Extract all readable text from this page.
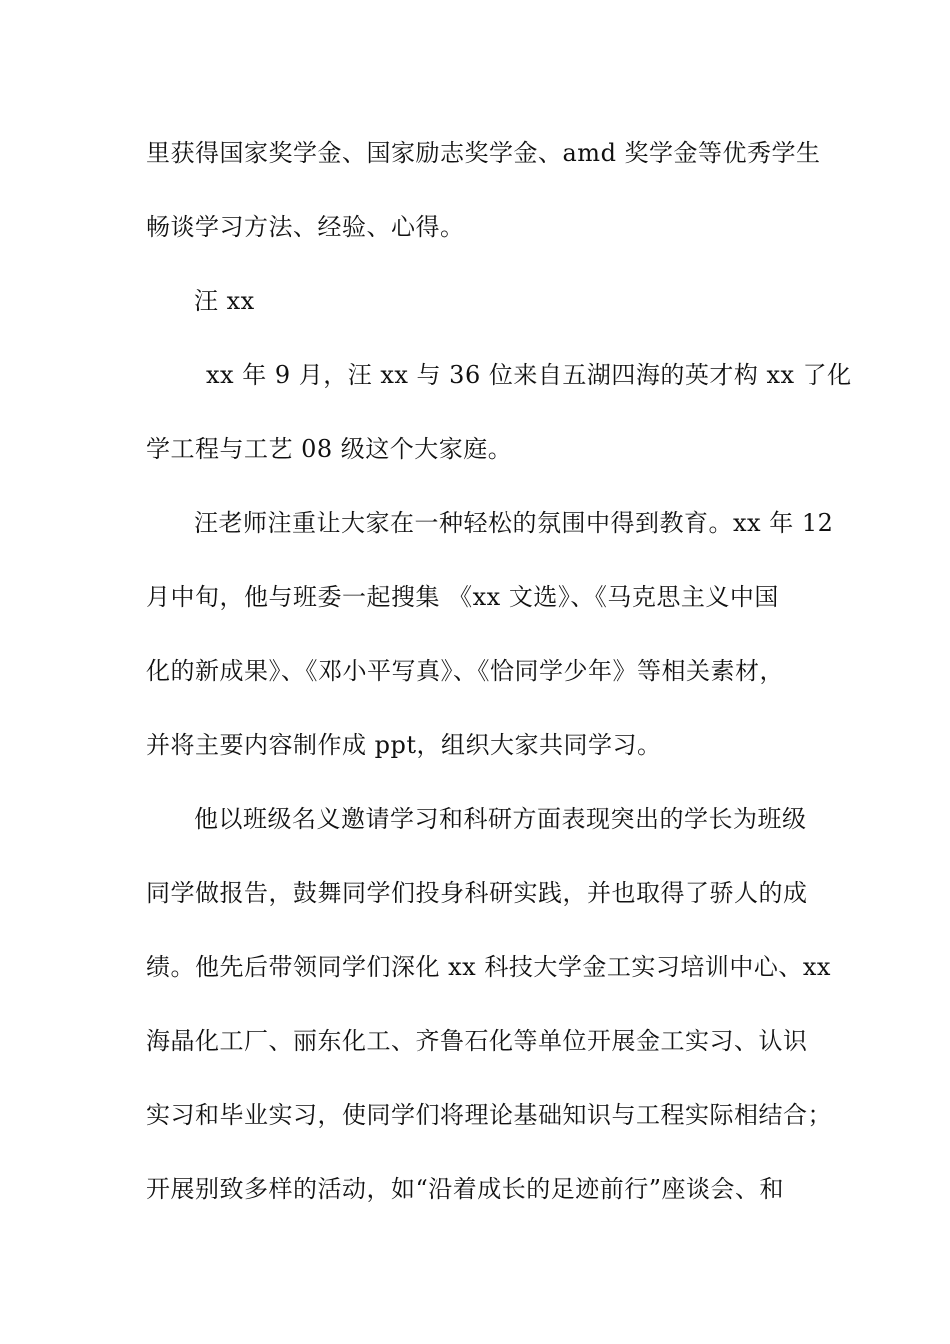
里获得国家奖学金、国家励志奖学金、amd 奖学金等优秀学生
畅谈学习方法、经验、心得。
汪 xx
xx 年 9 月，汪 xx 与 36 位来自五湖四海的英才构 xx 了化
学工程与工艺 08 级这个大家庭。
汪老师注重让大家在一种轻松的氛围中得到教育。xx 年 12
月中旬，他与班委一起搜集 《xx 文选》、《马克思主义中国
化的新成果》、《邓小平写真》、《恰同学少年》等相关素材，
并将主要内容制作成 ppt，组织大家共同学习。
他以班级名义邀请学习和科研方面表现突出的学长为班级
同学做报告，鼓舞同学们投身科研实践，并也取得了骄人的成
绩。他先后带领同学们深化 xx 科技大学金工实习培训中心、xx
海晶化工厂、丽东化工、齐鲁石化等单位开展金工实习、认识
实习和毕业实习，使同学们将理论基础知识与工程实际相结合；
开展别致多样的活动，如“沿着成长的足迹前行”座谈会、和
